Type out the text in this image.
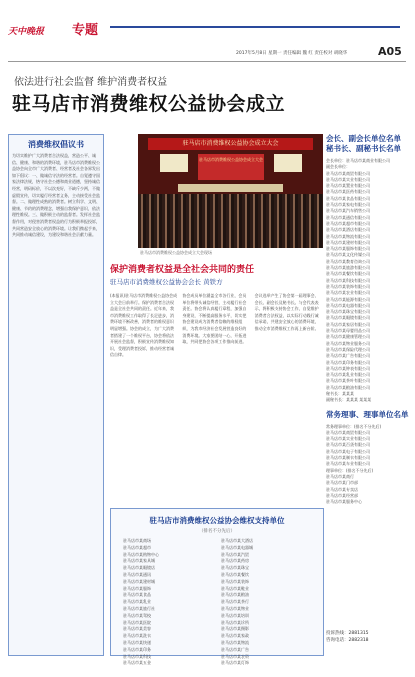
天中晚报 专题
2017年5月8日 星期一 责任编辑 魏 红 责任校对 胡晓华	A05
依法进行社会监督 维护消费者权益
驻马店市消费维权公益协会成立
消费维权倡议书
为切实维护广大消费者合法权益，营造公平、诚信、健康、和谐的消费环境，驻马店市消费维权公益协会向全市广大消费者、经营者及社会各界发出如下倡议：一、做诚信守法的经营者。自觉遵守国家法律法规，恪守社会公德和商业道德，坚持诚信经营，明码标价，不以次充好，不缺斤少两，不做虚假宣传，切实履行经营者义务，主动接受社会监督。二、做理性成熟的消费者。树立科学、文明、健康、节约的消费理念，增强自我保护意识，依法理性维权。三、做积极主动的监督者。发挥社会监督作用，对侵害消费者权益的行为积极举报投诉，共同营造安全放心的消费环境。让我们携起手来，共同推动诚信建设，为建设和谐社会贡献力量。
驻马店市消费维权公益协会成立大会
驻马店市消费维权公益协会成立大会
驻马店市消费维权公益协会成立大会现场
保护消费者权益是全社会共同的责任
驻马店市消费维权公益协会会长 黄铁方
(本报讯)驻马店市消费维权公益协会成立大会日前举行。保护消费者合法权益是全社会共同的责任。近年来，我市消费维权工作取得了长足进步，消费环境不断改善，消费者的维权意识明显增强。协会的成立，为广大消费者搭建了一个维权平台，协会将依法开展社会监督，积极宣传消费维权知识，受理消费者投诉，推动经营者诚信自律。
协会成员单位涵盖全市各行业，会员单位将带头诚信经营，主动履行社会责任。协会将认真履行章程，加强自身建设，不断提高服务水平，切实把协会建设成为消费者信赖的维权组织，为我市经济社会发展营造良好的消费环境。大家要团结一心，开拓进取，共同把协会各项工作推向前进。
会议选举产生了协会第一届理事会、会长、副会长及秘书长。与会代表表示，将积极支持协会工作，自觉维护消费者合法权益，以实际行动践行诚信承诺，共建安全放心的消费环境，推动全市消费维权工作再上新台阶。
驻马店市消费维权公益协会维权支持单位
（排名不分先后）
驻马店市某商场	驻马店市某大酒店
驻马店市某超市	驻马店市某电器城
驻马店市某购物中心	驻马店市某汽贸
驻马店市某家具城	驻马店市某药房
驻马店市某眼镜店	驻马店市某珠宝
驻马店市某通讯	驻马店市某餐饮
驻马店市某建材城	驻马店市某装饰
驻马店市某服饰	驻马店市某鞋业
驻马店市某食品	驻马店市某粮油
驻马店市某乳业	驻马店市某茶行
驻马店市某旅行社	驻马店市某物业
驻马店市某驾校	驻马店市某培训
驻马店市某医院	驻马店市某诊所
驻马店市某美容	驻马店市某摄影
驻马店市某洗衣	驻马店市某家政
驻马店市某快递	驻马店市某物流
驻马店市某印务	驻马店市某广告
驻马店市某科技	驻马店市某农资
驻马店市某五金	驻马店市某灯饰
会长、副会长单位名单 秘书长、副秘书长名单
会长单位：驻马店市某商业有限公司
副会长单位：
驻马店市某商贸有限公司
驻马店市某实业有限公司
驻马店市某置业有限公司
驻马店市某医药有限公司
驻马店市某食品有限公司
驻马店市某家电有限公司
驻马店市某汽车销售公司
驻马店市某通信有限公司
驻马店市某超市有限公司
驻马店市某酒店有限公司
驻马店市某物流有限公司
驻马店市某建材有限公司
驻马店市某服饰有限公司
驻马店市某文化传媒公司
驻马店市某教育咨询公司
驻马店市某旅游有限公司
驻马店市某餐饮有限公司
驻马店市某科技有限公司
驻马店市某装饰有限公司
驻马店市某农业有限公司
驻马店市某能源有限公司
驻马店市某电器有限公司
驻马店市某珠宝有限公司
驻马店市某眼镜有限公司
驻马店市某家居有限公司
驻马店市某母婴用品公司
驻马店市某健康管理公司
驻马店市某物业服务公司
驻马店市某保险代理公司
驻马店市某广告有限公司
驻马店市某印务有限公司
驻马店市某钟表有限公司
驻马店市某乳业有限公司
驻马店市某茶叶有限公司
驻马店市某粮油有限公司
秘书长：某某某
副秘书长：某某某 某某某
常务理事、理事单位名单
常务理事单位：(排名不分先后)
驻马店市某商贸有限公司
驻马店市某实业有限公司
驻马店市某百货有限公司
驻马店市某电子有限公司
驻马店市某制衣有限公司
驻马店市某车业有限公司
理事单位：(排名不分先后)
驻马店市某商行
驻马店市某门市部
驻马店市某专卖店
驻马店市某经营部
驻马店市某服务中心
投诉热线：2881315
咨询电话：2882318
